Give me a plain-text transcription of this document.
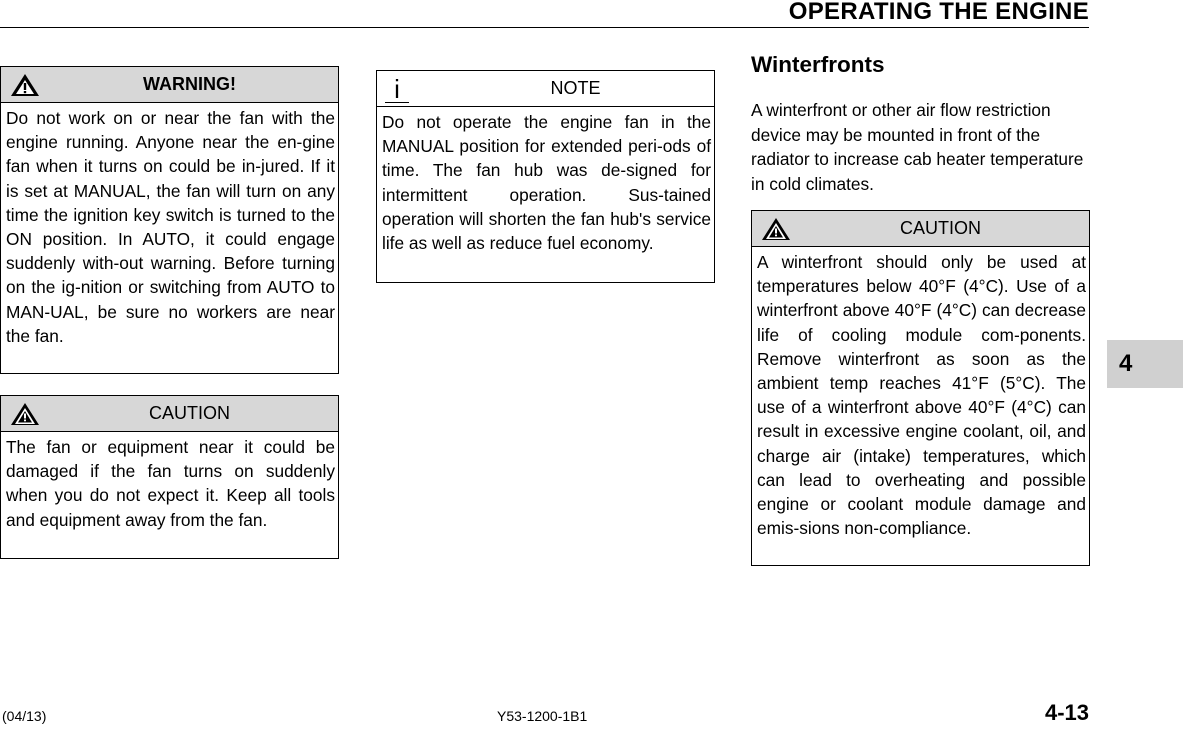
OPERATING THE ENGINE
WARNING!
Do not work on or near the fan with the engine running. Anyone near the en-gine fan when it turns on could be in-jured. If it is set at MANUAL, the fan will turn on any time the ignition key switch is turned to the ON position. In AUTO, it could engage suddenly with-out warning. Before turning on the ig-nition or switching from AUTO to MAN-UAL, be sure no workers are near the fan.
CAUTION
The fan or equipment near it could be damaged if the fan turns on suddenly when you do not expect it. Keep all tools and equipment away from the fan.
i	NOTE
Do not operate the engine fan in the MANUAL position for extended peri-ods of time. The fan hub was de-signed for intermittent operation. Sus-tained operation will shorten the fan hub's service life as well as reduce fuel economy.
Winterfronts
A winterfront or other air flow restriction device may be mounted in front of the radiator to increase cab heater temperature in cold climates.
CAUTION
A winterfront should only be used at temperatures below 40°F (4°C). Use of a winterfront above 40°F (4°C) can decrease life of cooling module com-ponents. Remove winterfront as soon as the ambient temp reaches 41°F (5°C). The use of a winterfront above 40°F (4°C) can result in excessive engine coolant, oil, and charge air (intake) temperatures, which can lead to overheating and possible engine or coolant module damage and emis-sions non-compliance.
4
(04/13)	Y53-1200-1B1	4-13
